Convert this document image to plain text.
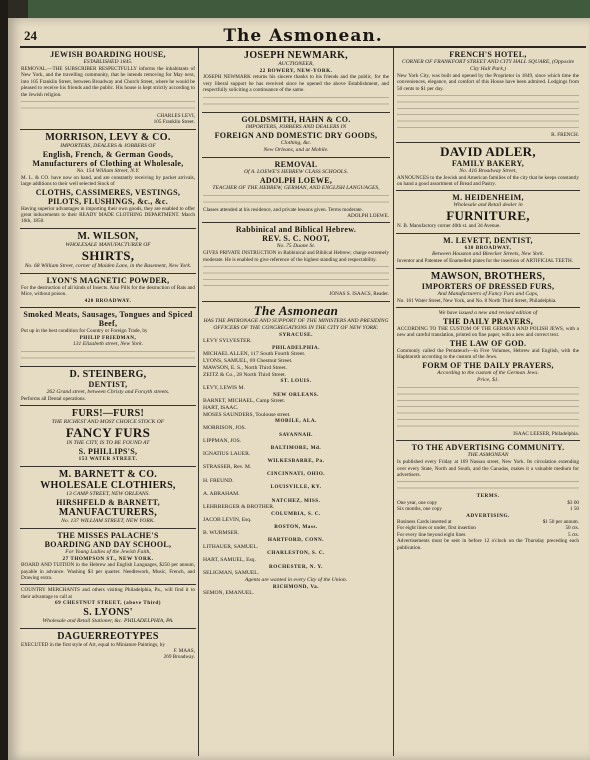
24	The Asmonean.
JEWISH BOARDING HOUSE,
ESTABLISHED 1845.
REMOVAL.—THE SUBSCRIBER RESPECTFULLY informs the inhabitants of New York, and the travelling community, that he intends removing for May next, into 105 Franklin Street, between Broadway and Church Street, where he would be pleased to receive his friends and the public. His house is kept strictly according to the Jewish religion.
CHARLES LEVI,
105 Franklin Street.
MORRISON, LEVY & CO.
IMPORTERS, DEALERS & JOBBERS OF
English, French, & German Goods,
Manufacturers of Clothing at Wholesale,
No. 154 William Street, N.Y.
M. L. & CO. have now on hand, and are constantly receiving by packet arrivals, large additions to their well selected Stock of
CLOTHS, CASSIMERES, VESTINGS, PILOTS, FLUSHINGS, &c., &c.
Having superior advantages in importing their own goods, they are enabled to offer great inducements to their READY MADE CLOTHING DEPARTMENT. March 16th, 1850.
M. WILSON,
WHOLESALE MANUFACTURER OF
SHIRTS,
No. 68 William Street, corner of Maiden Lane, in the Basement, New York.
LYON'S MAGNETIC POWDER,
For the destruction of all kinds of Insects. Also Pills for the destruction of Rats and Mice, without poison.
420 BROADWAY.
Smoked Meats, Sausages, Tongues and Spiced Beef,
Put up in the best condition for Country or Foreign Trade, by
PHILIP FRIEDMAN,
131 Elizabeth street, New York.
D. STEINBERG,
DENTIST,
262 Grand street, between Christy and Forsyth streets.
Performs all Dental operations.
FURS!—FURS!
THE RICHEST AND MOST CHOICE STOCK OF
FANCY FURS
IN THE CITY, IS TO BE FOUND AT
S. PHILLIPS'S,
153 WATER STREET.
M. BARNETT & CO.
WHOLESALE CLOTHIERS,
13 CAMP STREET, NEW ORLEANS.
HIRSHFELD & BARNETT,
MANUFACTURERS,
No. 137 WILLIAM STREET, NEW YORK.
THE MISSES PALACHE'S
BOARDING AND DAY SCHOOL,
For Young Ladies of the Jewish Faith,
27 THOMPSON ST., NEW YORK.
BOARD AND TUITION in the Hebrew and English Languages, $250 per annum, payable in advance. Washing $3 per quarter. Needlework, Music, French, and Drawing extra.
COUNTRY MERCHANTS and others visiting Philadelphia, Pa., will find it to their advantage to call at
69 CHESTNUT STREET, (above Third)
S. LYONS'
Wholesale and Retail Stationer, &c. PHILADELPHIA, PA.
DAGUERREOTYPES
EXECUTED in the first style of Art, equal to Miniature Paintings, by
F. MAAS,
269 Broadway.
JOSEPH NEWMARK,
AUCTIONEER,
22 BOWERY, NEW-YORK.
JOSEPH NEWMARK returns his sincere thanks to his friends and the public, for the very liberal support he has received since he opened the above Establishment, and respectfully soliciting a continuance of the same.
GOLDSMITH, HAHN & CO.
IMPORTERS, JOBBERS AND DEALERS IN
FOREIGN AND DOMESTIC DRY GOODS,
Clothing, &c.
New Orleans, and at Mobile.
REMOVAL
Of A. LOEWE'S HEBREW CLASS SCHOOLS.
ADOLPH LOEWE,
TEACHER OF THE HEBREW, GERMAN, AND ENGLISH LANGUAGES,
Classes attended at his residence, and private lessons given. Terms moderate.
ADOLPH LOEWE.
Rabbinical and Biblical Hebrew.
REV. S. C. NOOT,
No. 75 Duane St.
GIVES PRIVATE INSTRUCTION in Rabbinical and Biblical Hebrew; charge extremely moderate. He is enabled to give reference of the highest standing and respectability.
JONAS S. ISAACS, Reader.
The Asmonean
HAS THE PATRONAGE AND SUPPORT OF THE MINISTERS AND PRESIDING OFFICERS OF THE CONGREGATIONS IN THE CITY OF NEW YORK:
SYRACUSE.
LEVY SYLVESTER.
PHILADELPHIA.
MICHAEL ALLEN, 117 South Fourth Street.
LYONS, SAMUEL, 69 Chestnut Street.
MAWSON, E. S., North Third Street.
ZEITZ & Co., 28 North Third Street.
ST. LOUIS.
LEVY, LEWIS M.
NEW ORLEANS.
BARNET, MICHAEL, Camp Street.
HART, ISAAC.
MOSES SAUNDERS, Toulouse street.
MOBILE, ALA.
MORRISON, JOS.
SAVANNAH.
LIPPMAN, JOS.
BALTIMORE, Md.
IGNATIUS LAUER.
WILKESBARRE, Pa.
STRASSER, Rev. M.
CINCINNATI, OHIO.
H. FREUND.
LOUISVILLE, KY.
A. ABRAHAM.
NATCHEZ, MISS.
LEHRBERGER & BROTHER.
COLUMBIA, S. C.
JACOB LEVIN, Esq.
BOSTON, Mass.
B. WURMSER.
HARTFORD, CONN.
LITHAUER, SAMUEL.
CHARLESTON, S. C.
HART, SAMUEL, Esq.
ROCHESTER, N. Y.
SELIGMAN, SAMUEL.
Agents are wanted in every City of the Union.
RICHMOND, Va.
SEMON, EMANUEL.
FRENCH'S HOTEL,
CORNER OF FRANKFORT STREET AND CITY HALL SQUARE, (Opposite City Hall Park,)
New York City, was built and opened by the Proprietor in 1849, since which time the conveniences, elegance, and comfort of this House have been admired. Lodgings from 50 cents to $1 per day.
R. FRENCH.
DAVID ADLER,
FAMILY BAKERY,
No. 416 Broadway Street,
ANNOUNCES to the Jewish and American families of the city that he keeps constantly on hand a good assortment of Bread and Pastry.
M. HEIDENHEIM,
Wholesale and Retail dealer in
FURNITURE,
N. B. Manufactory corner 40th st. and 3d Avenue.
M. LEVETT, DENTIST,
630 BROADWAY,
Between Houston and Bleecker Streets, New York.
Inventor and Patentee of Enamelled plates for the insertion of ARTIFICIAL TEETH.
MAWSON, BROTHERS,
IMPORTERS OF DRESSED FURS,
And Manufacturers of Fancy Furs and Caps,
No. 161 Water Street, New York, and No. 8 North Third Street, Philadelphia.
We have issued a new and revised edition of
THE DAILY PRAYERS,
ACCORDING TO THE CUSTOM OF THE GERMAN AND POLISH JEWS, with a new and careful translation, printed on fine paper, with a new and correct text.
THE LAW OF GOD.
Commonly called the Pentateuch—in Five Volumes, Hebrew and English, with the Haphtaroth according to the custom of the Jews.
FORM OF THE DAILY PRAYERS,
According to the custom of the German Jews.
Price, $1.
ISAAC LEESER, Philadelphia.
TO THE ADVERTISING COMMUNITY.
THE ASMONEAN
Is published every Friday at 169 Nassau street, New York. Its circulation extending over every State, North and South, and the Canadas, makes it a valuable medium for advertisers.
TERMS.
One year, one copy	$3 00
Six months, one copy	1 50
ADVERTISING.
Business Cards inserted at	$1 50 per annum.
For eight lines or under, first insertion	50 cts.
For every line beyond eight lines	5 cts.
Advertisements must be sent in before 12 o'clock on the Thursday preceding each publication.
